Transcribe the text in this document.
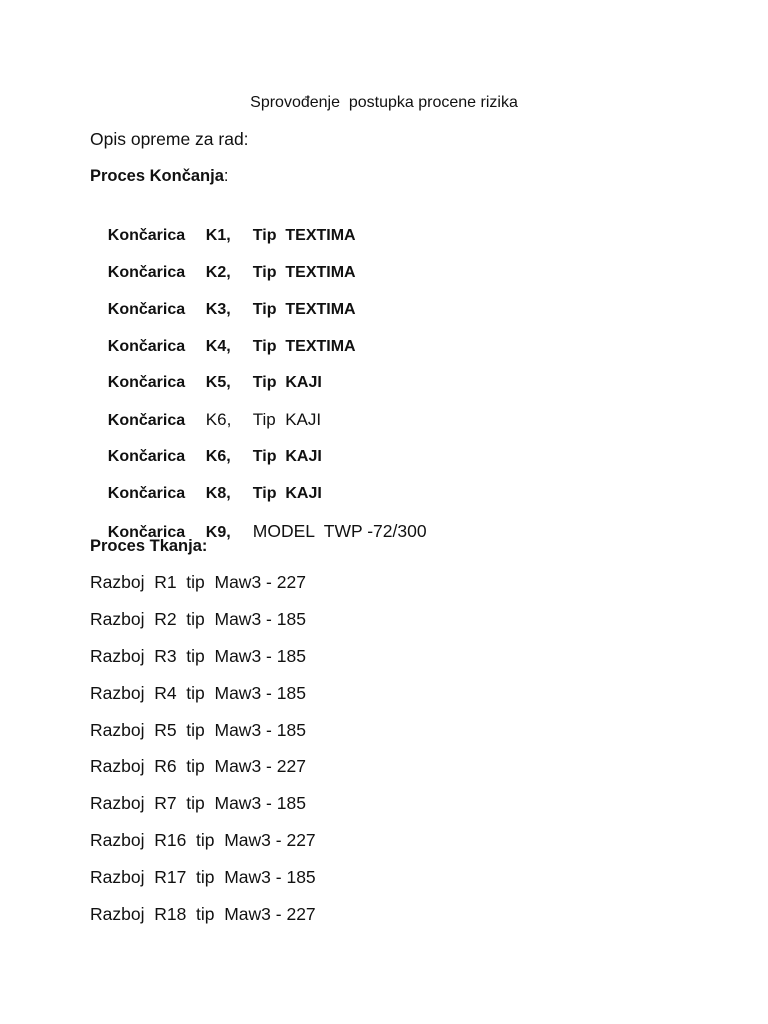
Sprovođenje  postupka procene rizika
Opis opreme za rad:
Proces Končanja:

Končarica K1, Tip  TEXTIMA

Končarica K2, Tip  TEXTIMA

Končarica K3, Tip  TEXTIMA

Končarica K4, Tip  TEXTIMA

Končarica K5, Tip  KAJI

Končarica K6, Tip  KAJI

Končarica K6, Tip  KAJI

Končarica K8, Tip  KAJI

Končarica K9, MODEL  TWP -72/300

Proces Tkanja:
Razboj  R1  tip  Maw3 - 227
Razboj  R2  tip  Maw3 - 185
Razboj  R3  tip  Maw3 - 185
Razboj  R4  tip  Maw3 - 185
Razboj  R5  tip  Maw3 - 185
Razboj  R6  tip  Maw3 - 227
Razboj  R7  tip  Maw3 - 185
Razboj  R16  tip  Maw3 - 227
Razboj  R17  tip  Maw3 - 185
Razboj  R18  tip  Maw3 - 227
